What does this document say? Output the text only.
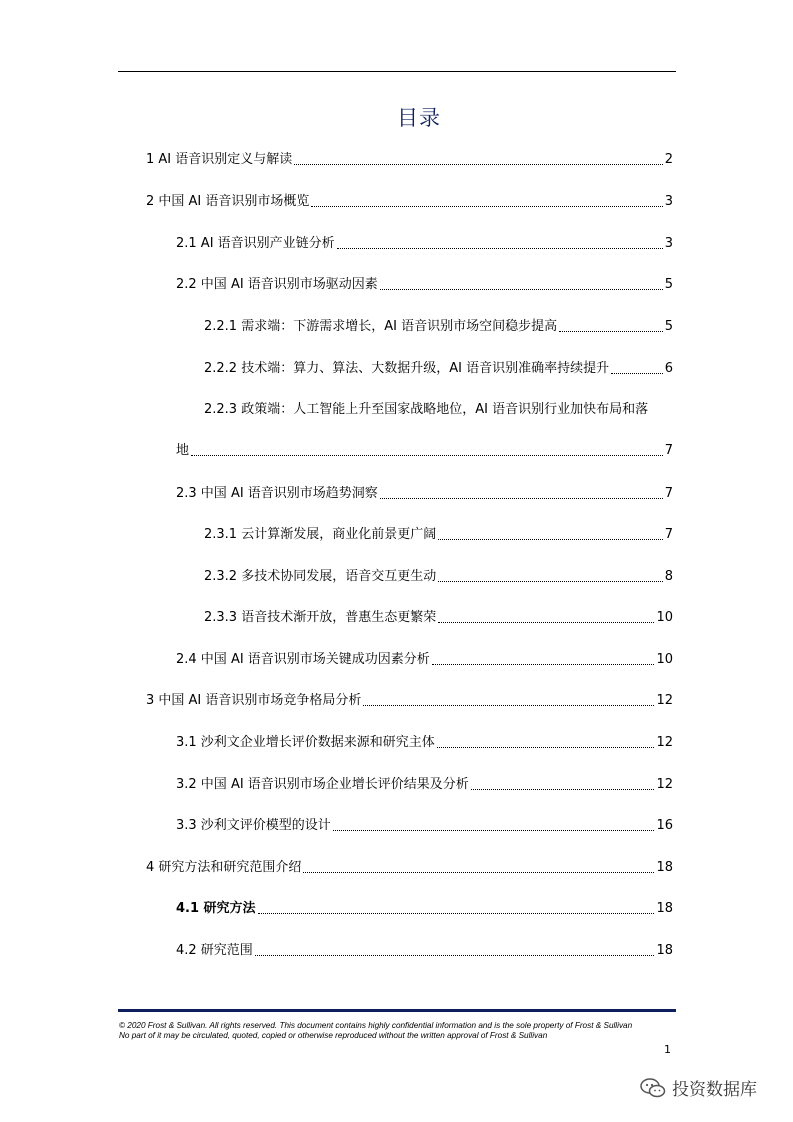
目录
1 AI 语音识别定义与解读	2
2 中国 AI 语音识别市场概览	3
2.1 AI 语音识别产业链分析	3
2.2 中国 AI 语音识别市场驱动因素	5
2.2.1 需求端：下游需求增长，AI 语音识别市场空间稳步提高	5
2.2.2 技术端：算力、算法、大数据升级，AI 语音识别准确率持续提升	6
2.2.3 政策端：人工智能上升至国家战略地位，AI 语音识别行业加快布局和落
地	7
2.3 中国 AI 语音识别市场趋势洞察	7
2.3.1 云计算渐发展，商业化前景更广阔	7
2.3.2 多技术协同发展，语音交互更生动	8
2.3.3 语音技术渐开放，普惠生态更繁荣	10
2.4 中国 AI 语音识别市场关键成功因素分析	10
3 中国 AI 语音识别市场竞争格局分析	12
3.1 沙利文企业增长评价数据来源和研究主体	12
3.2 中国 AI 语音识别市场企业增长评价结果及分析	12
3.3 沙利文评价模型的设计	16
4 研究方法和研究范围介绍	18
4.1 研究方法	18
4.2 研究范围	18
© 2020 Frost & Sullivan. All rights reserved. This document contains highly confidential information and is the sole property of Frost & Sullivan
No part of it may be circulated, quoted, copied or otherwise reproduced without the written approval of Frost & Sullivan
1
投资数据库
